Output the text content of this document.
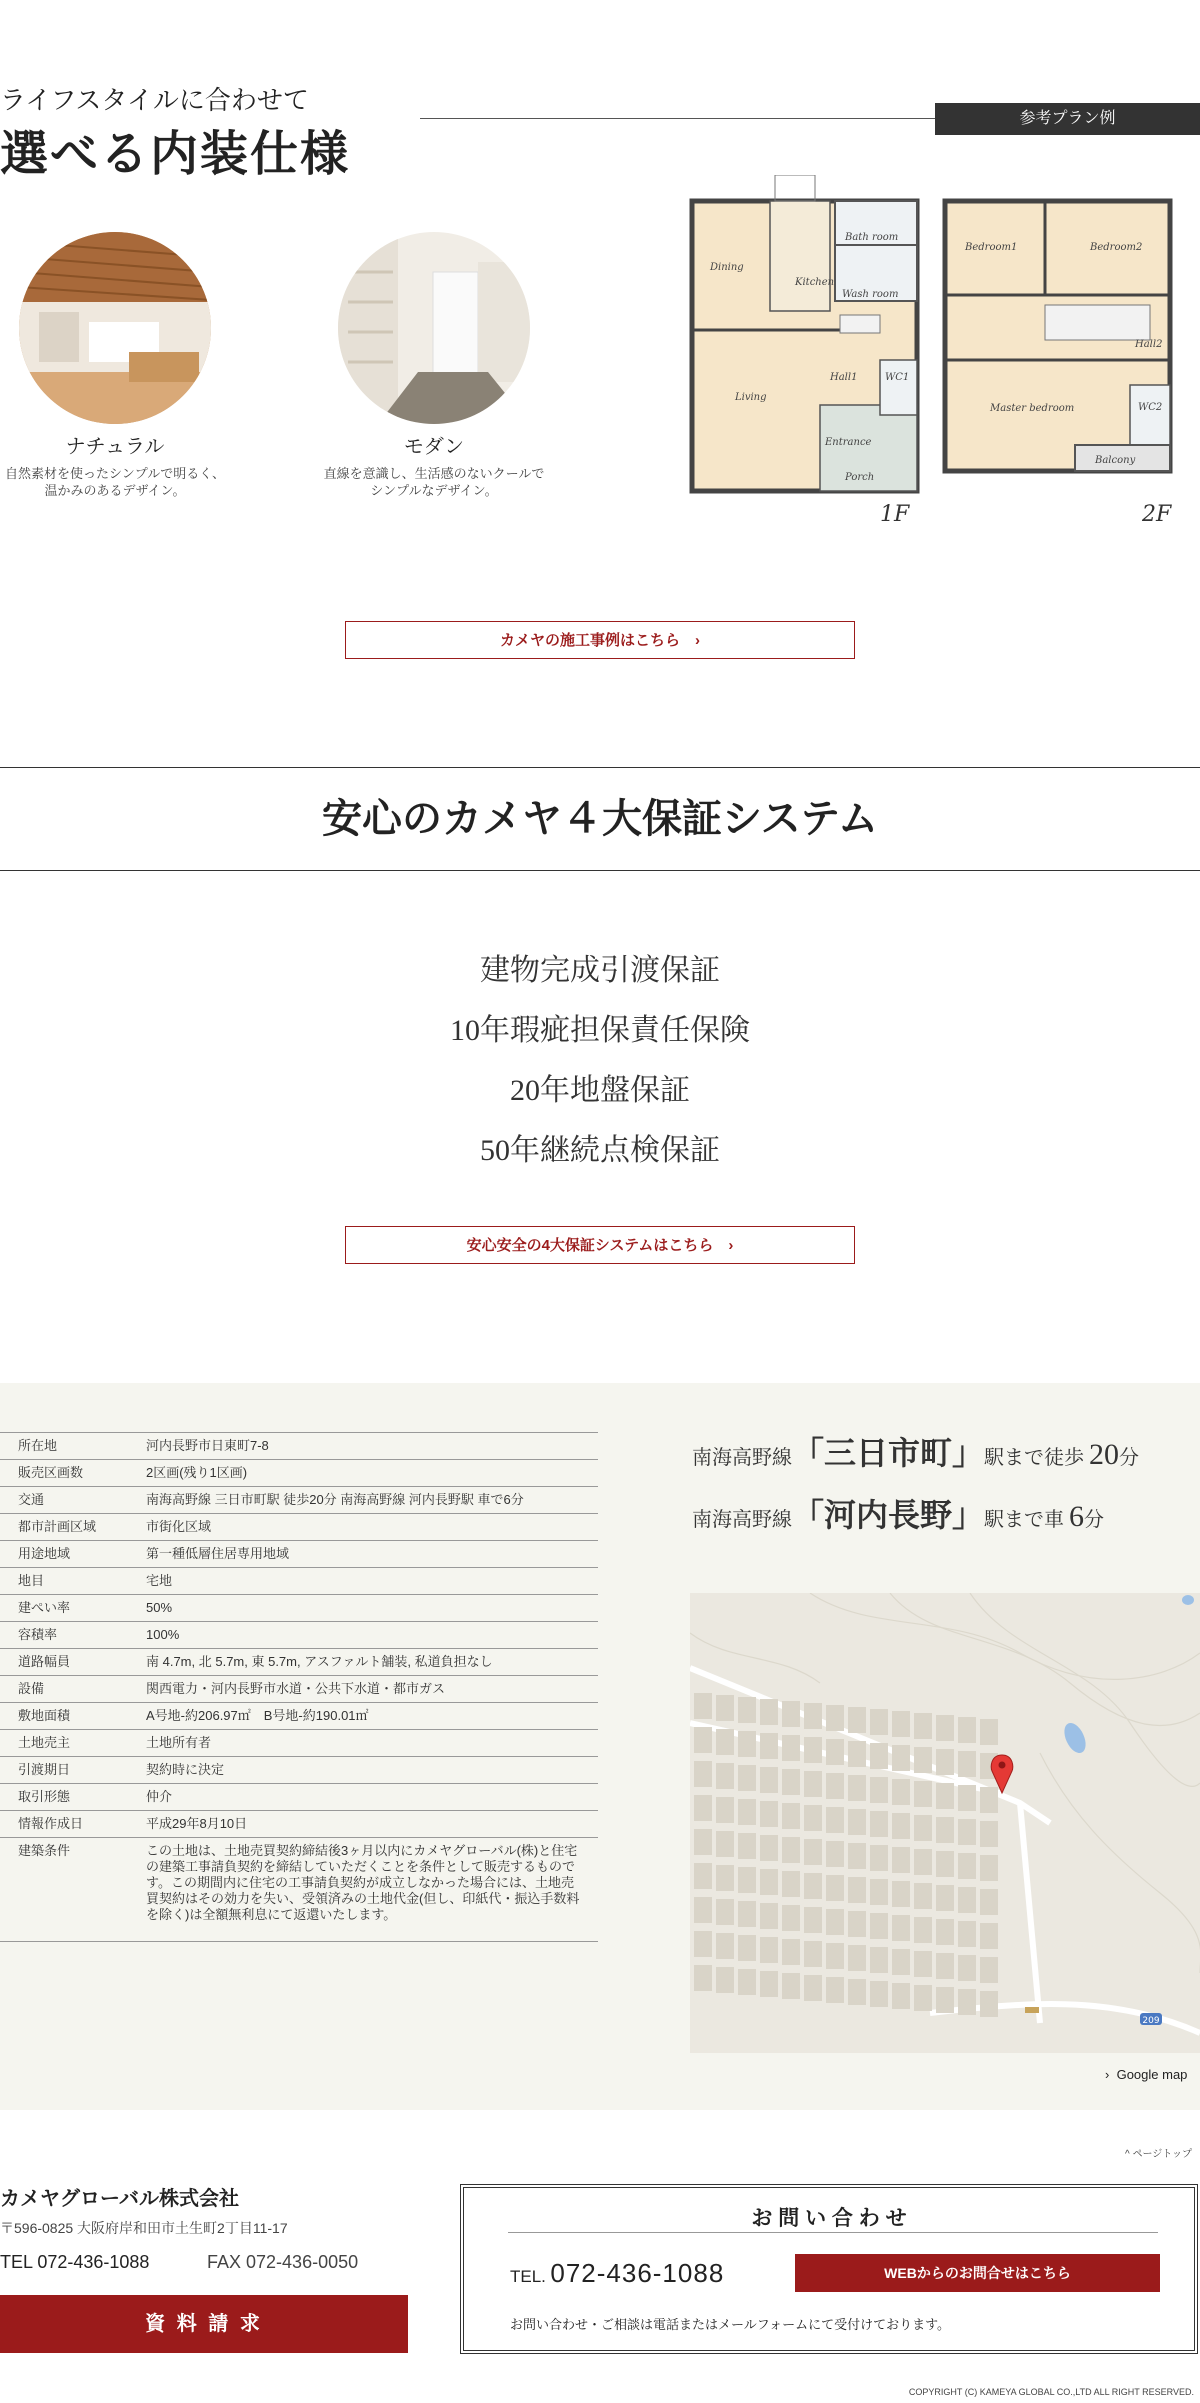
ライフスタイルに合わせて
選べる内装仕様
参考プラン例
ナチュラル
自然素材を使ったシンプルで明るく、
温かみのあるデザイン。
モダン
直線を意識し、生活感のないクールで
シンプルなデザイン。
Dining
Kitchen
Bath room
Wash room
Living
Hall1	WC1
Entrance
Porch
Bedroom1	Bedroom2
Hall2
Master bedroom	WC2
Balcony
1F	2F
カメヤの施工事例はこちら　›
安心のカメヤ４大保証システム
建物完成引渡保証
10年瑕疵担保責任保険
20年地盤保証
50年継続点検保証
安心安全の4大保証システムはこちら　›
所在地	河内長野市日東町7-8
販売区画数	2区画(残り1区画)
交通	南海高野線 三日市町駅 徒歩20分 南海高野線 河内長野駅 車で6分
都市計画区域	市街化区域
用途地域	第一種低層住居専用地域
地目	宅地
建ぺい率	50%
容積率	100%
道路幅員	南 4.7m, 北 5.7m, 東 5.7m, アスファルト舗装, 私道負担なし
設備	関西電力・河内長野市水道・公共下水道・都市ガス
敷地面積	A号地-約206.97㎡　B号地-約190.01㎡
土地売主	土地所有者
引渡期日	契約時に決定
取引形態	仲介
情報作成日	平成29年8月10日
建築条件	この土地は、土地売買契約締結後3ヶ月以内にカメヤグローバル(株)と住宅の建築工事請負契約を締結していただくことを条件として販売するものです。この期間内に住宅の工事請負契約が成立しなかった場合には、土地売買契約はその効力を失い、受領済みの土地代金(但し、印紙代・振込手数料を除く)は全額無利息にて返還いたします。
南海高野線「三日市町」駅まで徒歩 20分
南海高野線「河内長野」駅まで車 6分
209
› Google map
^ ページトップ
カメヤグローバル株式会社
〒596-0825 大阪府岸和田市土生町2丁目11-17
TEL 072-436-1088	FAX 072-436-0050
資 料 請 求
お 問 い 合 わ せ
TEL. 072-436-1088	WEBからのお問合せはこちら
お問い合わせ・ご相談は電話またはメールフォームにて受付けております。
COPYRIGHT (C) KAMEYA GLOBAL CO.,LTD ALL RIGHT RESERVED.
